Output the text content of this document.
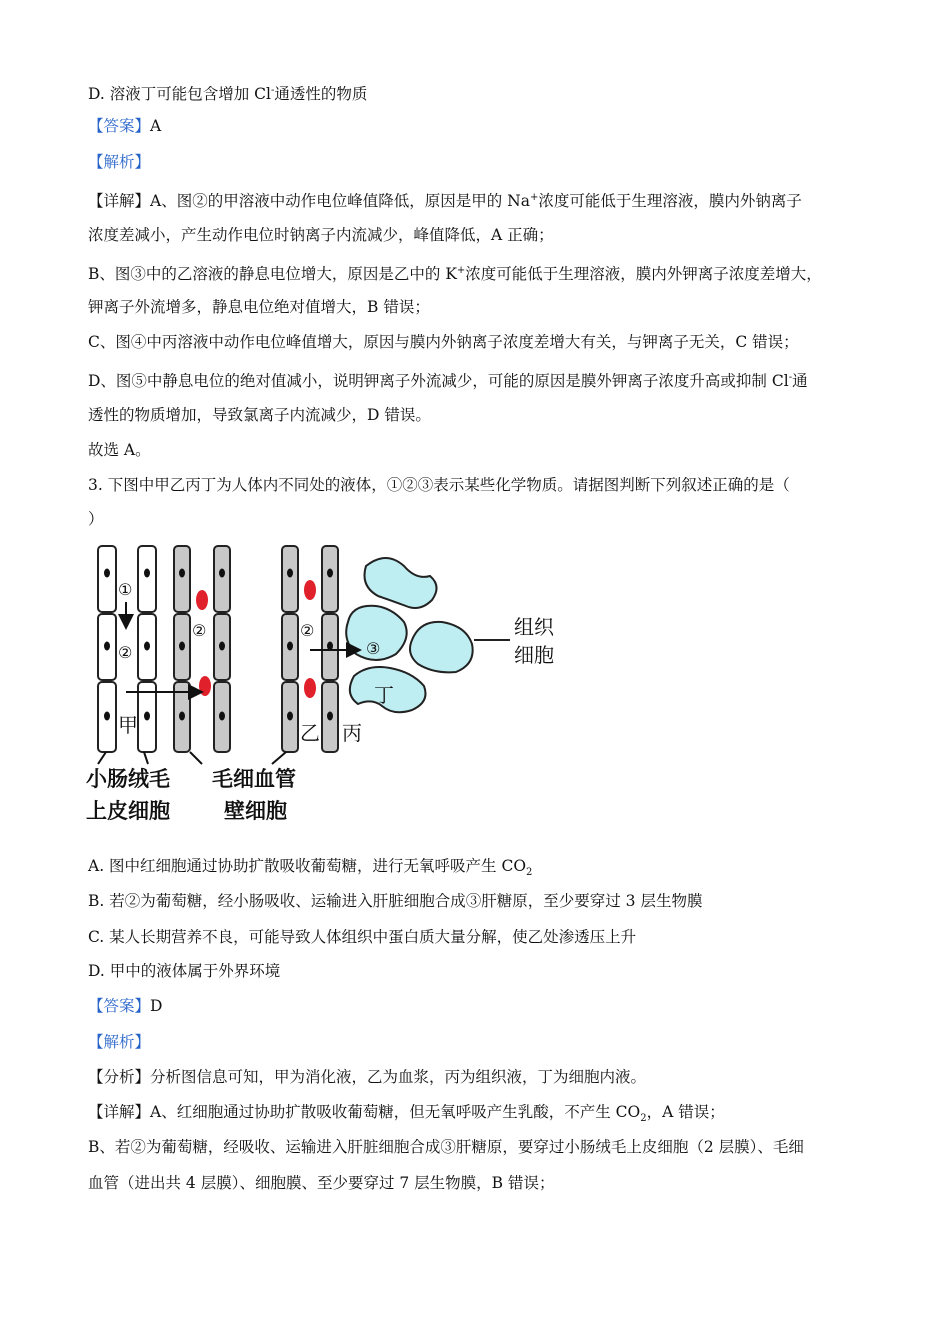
D. 溶液丁可能包含增加 Cl-通透性的物质
【答案】A
【解析】
【详解】A、图②的甲溶液中动作电位峰值降低，原因是甲的 Na+浓度可能低于生理溶液，膜内外钠离子
浓度差减小，产生动作电位时钠离子内流减少，峰值降低，A 正确；
B、图③中的乙溶液的静息电位增大，原因是乙中的 K+浓度可能低于生理溶液，膜内外钾离子浓度差增大，
钾离子外流增多，静息电位绝对值增大，B 错误；
C、图④中丙溶液中动作电位峰值增大，原因与膜内外钠离子浓度差增大有关，与钾离子无关，C 错误；
D、图⑤中静息电位的绝对值减小，说明钾离子外流减少，可能的原因是膜外钾离子浓度升高或抑制 Cl-通
透性的物质增加，导致氯离子内流减少，D 错误。
故选 A。
3. 下图中甲乙丙丁为人体内不同处的液体，①②③表示某些化学物质。请据图判断下列叙述正确的是（
）
①
②
②	②
③
甲	乙 丙
丁
组织
细胞
小肠绒毛
上皮细胞
毛细血管
壁细胞
A. 图中红细胞通过协助扩散吸收葡萄糖，进行无氧呼吸产生 $CO_2$
B. 若②为葡萄糖，经小肠吸收、运输进入肝脏细胞合成③肝糖原，至少要穿过 3 层生物膜
C. 某人长期营养不良，可能导致人体组织中蛋白质大量分解，使乙处渗透压上升
D. 甲中的液体属于外界环境
【答案】D
【解析】
【分析】分析图信息可知，甲为消化液，乙为血浆，丙为组织液，丁为细胞内液。
【详解】A、红细胞通过协助扩散吸收葡萄糖，但无氧呼吸产生乳酸，不产生 $CO_2$，A 错误；
B、若②为葡萄糖，经吸收、运输进入肝脏细胞合成③肝糖原，要穿过小肠绒毛上皮细胞（2 层膜）、毛细
血管（进出共 4 层膜）、细胞膜、至少要穿过 7 层生物膜，B 错误；
